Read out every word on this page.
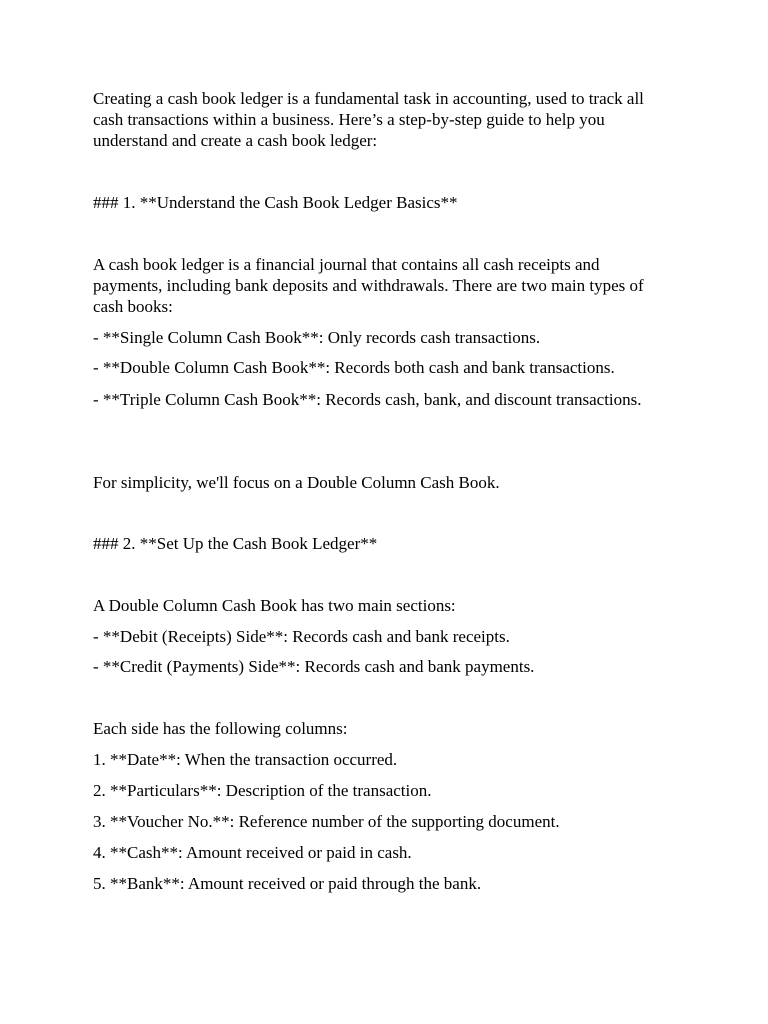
Creating a cash book ledger is a fundamental task in accounting, used to track all cash transactions within a business. Here’s a step-by-step guide to help you understand and create a cash book ledger:

### 1. **Understand the Cash Book Ledger Basics**

A cash book ledger is a financial journal that contains all cash receipts and payments, including bank deposits and withdrawals. There are two main types of cash books:

- **Single Column Cash Book**: Only records cash transactions.

- **Double Column Cash Book**: Records both cash and bank transactions.

- **Triple Column Cash Book**: Records cash, bank, and discount transactions.

For simplicity, we'll focus on a Double Column Cash Book.

### 2. **Set Up the Cash Book Ledger**

A Double Column Cash Book has two main sections:

- **Debit (Receipts) Side**: Records cash and bank receipts.

- **Credit (Payments) Side**: Records cash and bank payments.

Each side has the following columns:

1. **Date**: When the transaction occurred.

2. **Particulars**: Description of the transaction.

3. **Voucher No.**: Reference number of the supporting document.

4. **Cash**: Amount received or paid in cash.

5. **Bank**: Amount received or paid through the bank.
